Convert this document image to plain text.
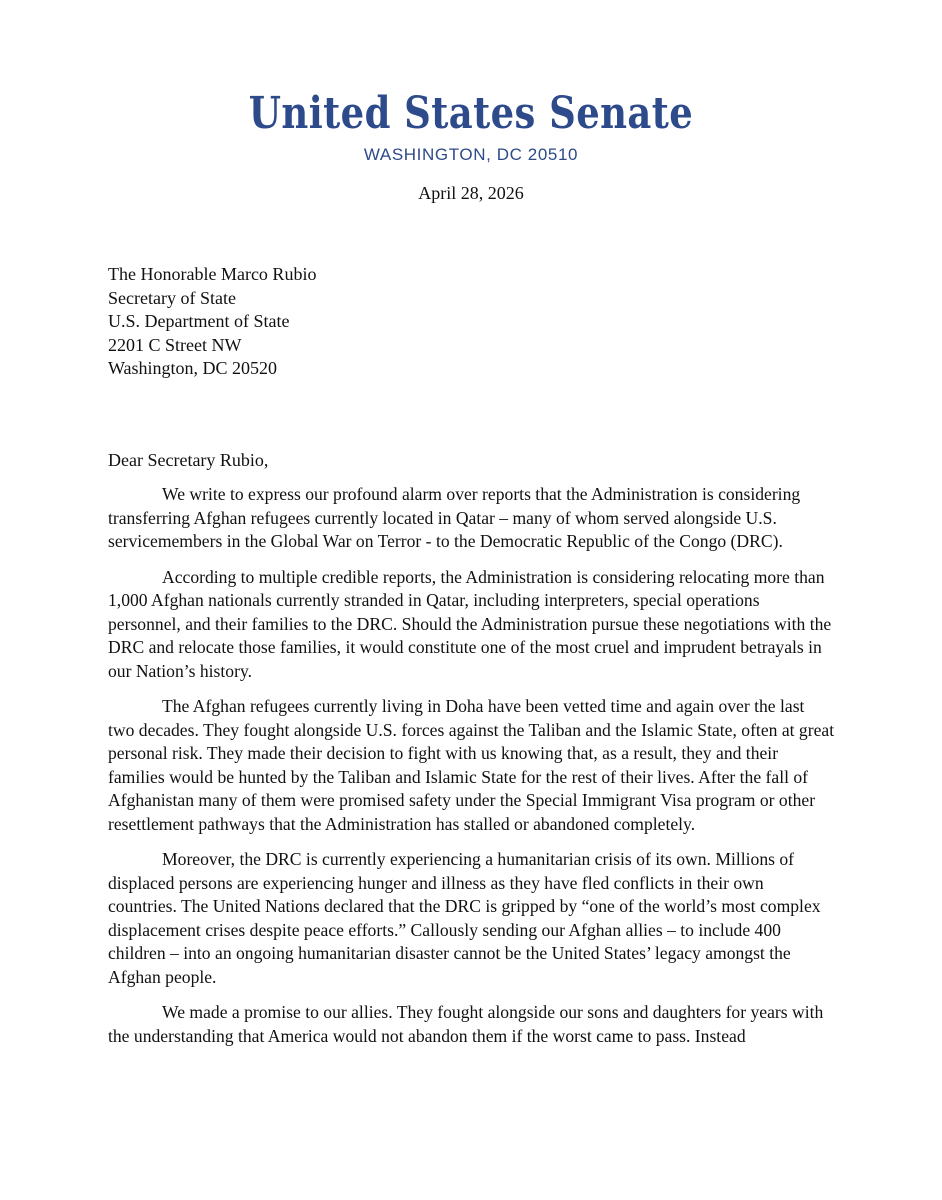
United States Senate
WASHINGTON, DC 20510
April 28, 2026
The Honorable Marco Rubio
Secretary of State
U.S. Department of State
2201 C Street NW
Washington, DC 20520
Dear Secretary Rubio,

We write to express our profound alarm over reports that the Administration is considering transferring Afghan refugees currently located in Qatar – many of whom served alongside U.S. servicemembers in the Global War on Terror - to the Democratic Republic of the Congo (DRC).

According to multiple credible reports, the Administration is considering relocating more than 1,000 Afghan nationals currently stranded in Qatar, including interpreters, special operations personnel, and their families to the DRC. Should the Administration pursue these negotiations with the DRC and relocate those families, it would constitute one of the most cruel and imprudent betrayals in our Nation’s history.

The Afghan refugees currently living in Doha have been vetted time and again over the last two decades. They fought alongside U.S. forces against the Taliban and the Islamic State, often at great personal risk. They made their decision to fight with us knowing that, as a result, they and their families would be hunted by the Taliban and Islamic State for the rest of their lives. After the fall of Afghanistan many of them were promised safety under the Special Immigrant Visa program or other resettlement pathways that the Administration has stalled or abandoned completely.

Moreover, the DRC is currently experiencing a humanitarian crisis of its own. Millions of displaced persons are experiencing hunger and illness as they have fled conflicts in their own countries. The United Nations declared that the DRC is gripped by “one of the world’s most complex displacement crises despite peace efforts.” Callously sending our Afghan allies – to include 400 children – into an ongoing humanitarian disaster cannot be the United States’ legacy amongst the Afghan people.

We made a promise to our allies. They fought alongside our sons and daughters for years with the understanding that America would not abandon them if the worst came to pass. Instead
